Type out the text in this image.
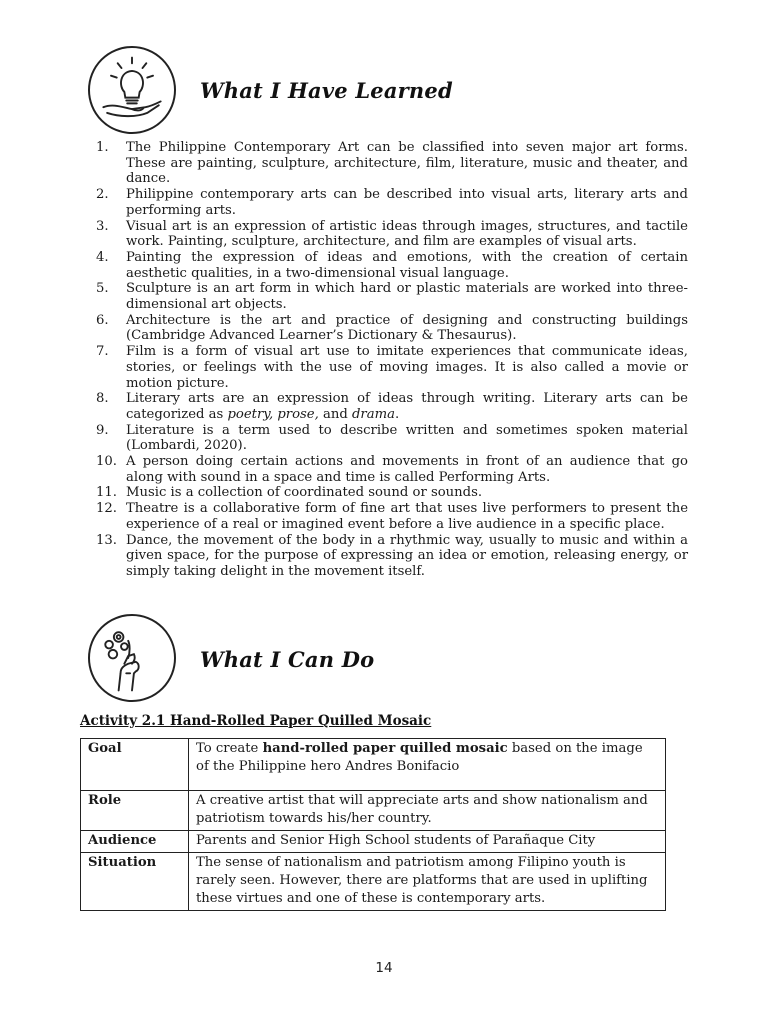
What I Have Learned
1.	The Philippine Contemporary Art can be classified into seven major art forms. These are painting, sculpture, architecture, film, literature, music and theater, and dance.
2.	Philippine contemporary arts can be described into visual arts, literary arts and performing arts.
3.	Visual art is an expression of artistic ideas through images, structures, and tactile work. Painting, sculpture, architecture, and film are examples of visual arts.
4.	Painting the expression of ideas and emotions, with the creation of certain aesthetic qualities, in a two-dimensional visual language.
5.	Sculpture is an art form in which hard or plastic materials are worked into three-dimensional art objects.
6.	Architecture is the art and practice of designing and constructing buildings (Cambridge Advanced Learner’s Dictionary & Thesaurus).
7.	Film is a form of visual art use to imitate experiences that communicate ideas, stories, or feelings with the use of moving images. It is also called a movie or motion picture.
8.	Literary arts are an expression of ideas through writing. Literary arts can be categorized as poetry, prose, and drama.
9.	Literature is a term used to describe written and sometimes spoken material (Lombardi, 2020).
10. A person doing certain actions and movements in front of an audience that go along with sound in a space and time is called Performing Arts.
11. Music is a collection of coordinated sound or sounds.
12. Theatre is a collaborative form of fine art that uses live performers to present the experience of a real or imagined event before a live audience in a specific place.
13. Dance, the movement of the body in a rhythmic way, usually to music and within a given space, for the purpose of expressing an idea or emotion, releasing energy, or simply taking delight in the movement itself.
What I Can Do
Activity 2.1 Hand-Rolled Paper Quilled Mosaic
Goal	To create hand-rolled paper quilled mosaic based on the image of the Philippine hero Andres Bonifacio
Role	A creative artist that will appreciate arts and show nationalism and patriotism towards his/her country.
Audience	Parents and Senior High School students of Parañaque City
Situation	The sense of nationalism and patriotism among Filipino youth is rarely seen. However, there are platforms that are used in uplifting these virtues and one of these is contemporary arts.
14
